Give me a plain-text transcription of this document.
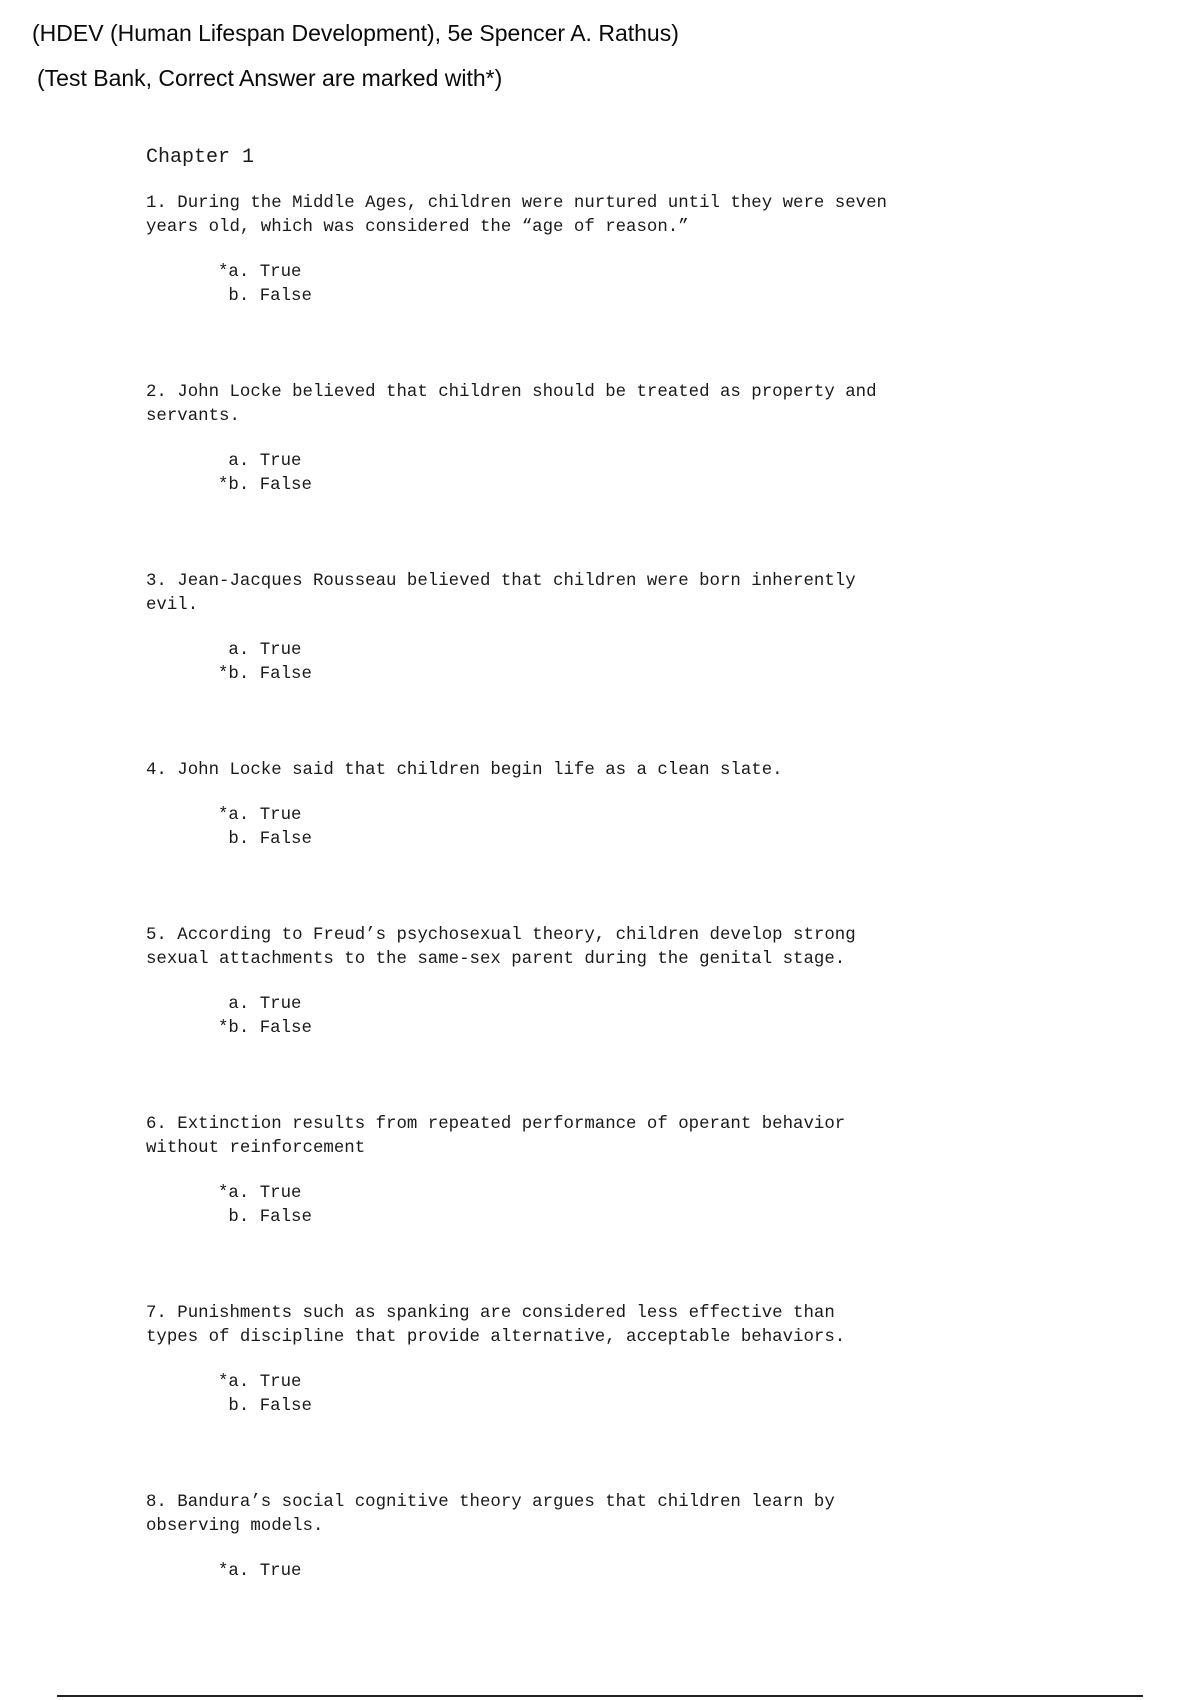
(HDEV (Human Lifespan Development), 5e Spencer A. Rathus)
(Test Bank, Correct Answer are marked with*)
Chapter 1
1. During the Middle Ages, children were nurtured until they were seven
years old, which was considered the “age of reason.”
*a. True
b. False
2. John Locke believed that children should be treated as property and
servants.
a. True
*b. False
3. Jean-Jacques Rousseau believed that children were born inherently
evil.
a. True
*b. False
4. John Locke said that children begin life as a clean slate.
*a. True
b. False
5. According to Freud’s psychosexual theory, children develop strong
sexual attachments to the same-sex parent during the genital stage.
a. True
*b. False
6. Extinction results from repeated performance of operant behavior
without reinforcement
*a. True
b. False
7. Punishments such as spanking are considered less effective than
types of discipline that provide alternative, acceptable behaviors.
*a. True
b. False
8. Bandura’s social cognitive theory argues that children learn by
observing models.
*a. True
